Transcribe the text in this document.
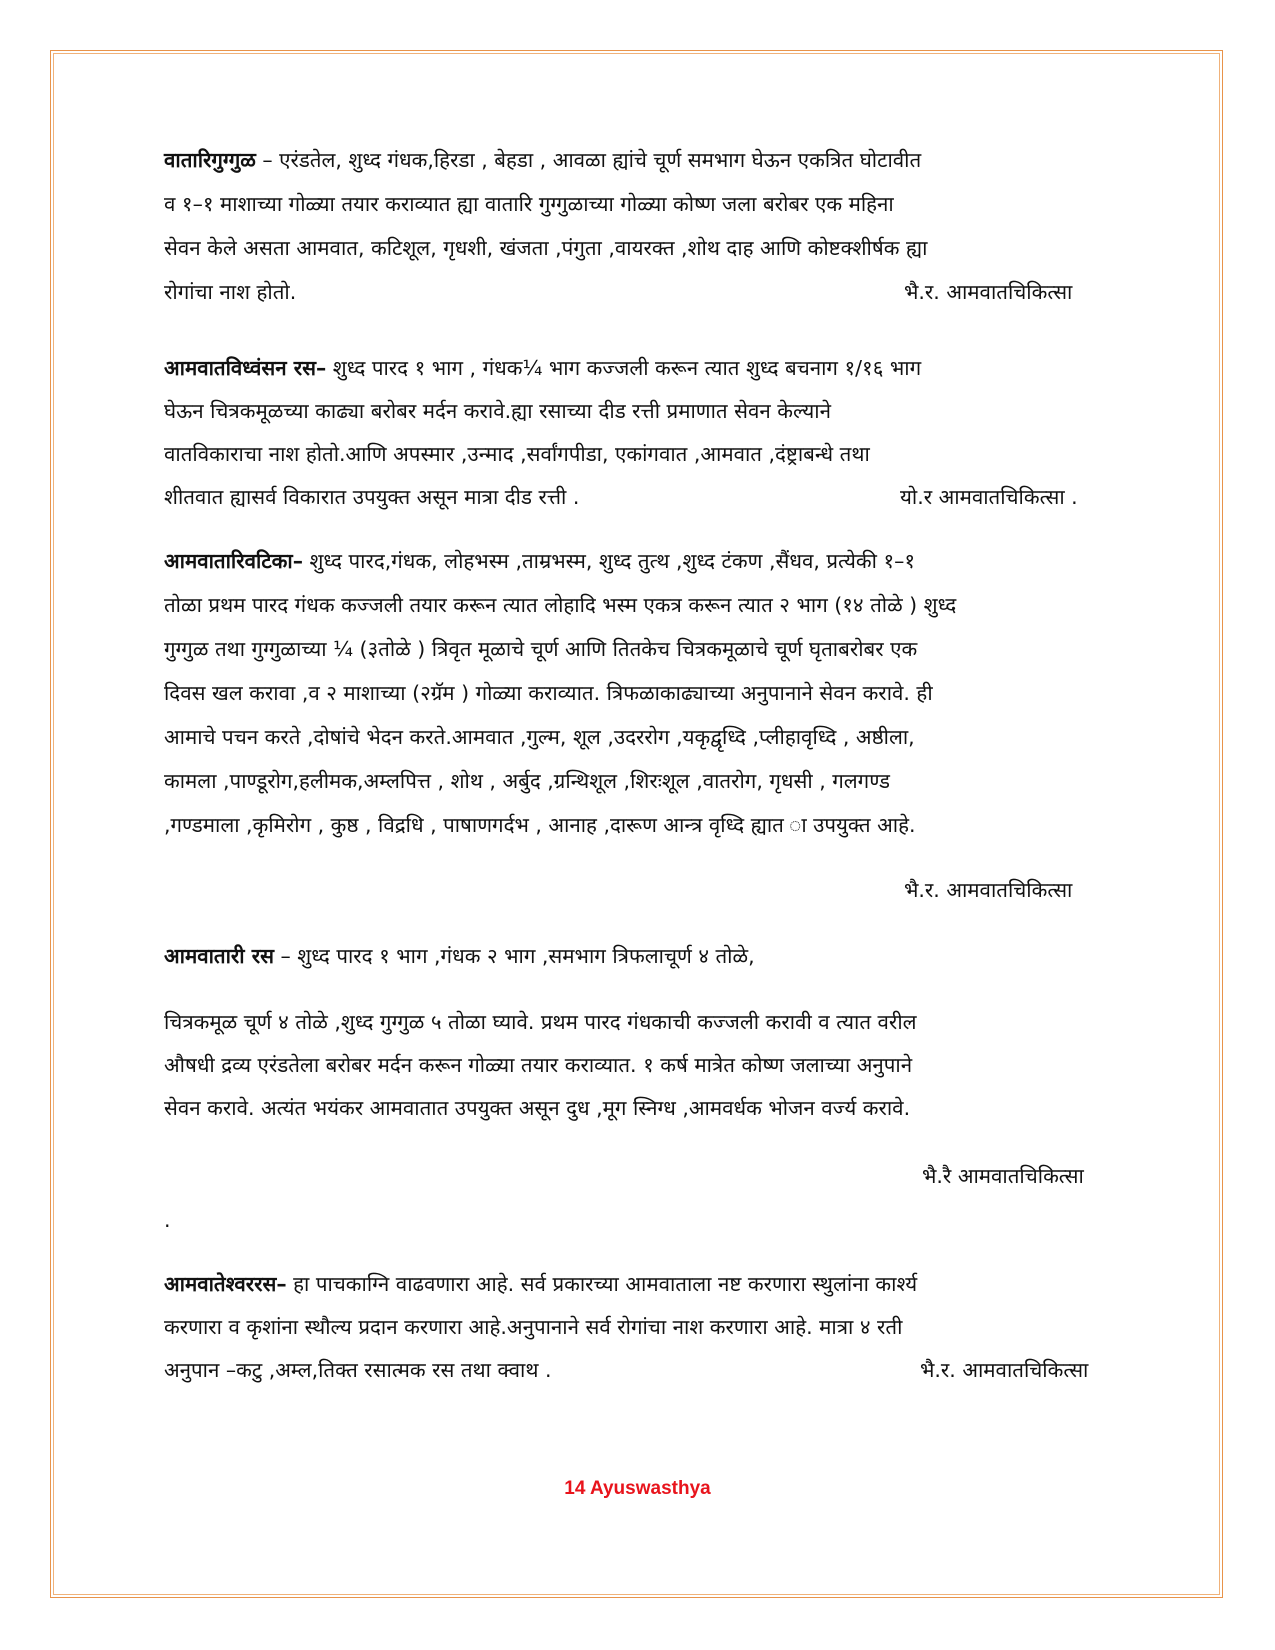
वातारिगुग्गुळ – एरंडतेल, शुध्द गंधक,हिरडा , बेहडा , आवळा ह्यांचे चूर्ण समभाग घेऊन एकत्रित घोटावीत
व १–१ माशाच्या गोळ्या तयार कराव्यात ह्या वातारि गुग्गुळाच्या गोळ्या कोष्ण जला बरोबर एक महिना
सेवन केले असता आमवात, कटिशूल, गृधशी, खंजता ,पंगुता ,वायरक्त ,शोथ दाह आणि कोष्टक्शीर्षक ह्या
रोगांचा नाश होतो.	भै.र. आमवातचिकित्सा
आमवातविध्वंसन रस– शुध्द पारद १ भाग , गंधक¼ भाग कज्जली करून त्यात शुध्द बचनाग १/१६ भाग
घेऊन चित्रकमूळच्या काढ्या बरोबर मर्दन करावे.ह्या रसाच्या दीड रत्ती प्रमाणात सेवन केल्याने
वातविकाराचा नाश होतो.आणि अपस्मार ,उन्माद ,सर्वांगपीडा, एकांगवात ,आमवात ,दंष्ट्राबन्धे तथा
शीतवात ह्यासर्व विकारात उपयुक्त असून मात्रा दीड रत्ती .	यो.र आमवातचिकित्सा .
आमवातारिवटिका– शुध्द पारद,गंधक, लोहभस्म ,ताम्रभस्म, शुध्द तुत्थ ,शुध्द टंकण ,सैंधव, प्रत्येकी १–१
तोळा प्रथम पारद गंधक कज्जली तयार करून त्यात लोहादि भस्म एकत्र करून त्यात २ भाग (१४ तोळे ) शुध्द
गुग्गुळ तथा गुग्गुळाच्या ¼ (३तोळे ) त्रिवृत मूळाचे चूर्ण आणि तितकेच चित्रकमूळाचे चूर्ण घृताबरोबर एक
दिवस खल करावा ,व २ माशाच्या (२ग्रॅम ) गोळ्या कराव्यात. त्रिफळाकाढ्याच्या अनुपानाने सेवन करावे. ही
आमाचे पचन करते ,दोषांचे भेदन करते.आमवात ,गुल्म, शूल ,उदररोग ,यकृद्वृध्दि ,प्लीहावृध्दि , अष्ठीला,
कामला ,पाण्डूरोग,हलीमक,अम्लपित्त , शोथ , अर्बुद ,ग्रन्थिशूल ,शिरःशूल ,वातरोग, गृधसी , गलगण्ड
,गण्डमाला ,कृमिरोग , कुष्ठ , विद्रधि , पाषाणगर्दभ , आनाह ,दारूण आन्त्र वृध्दि ह्यात ा उपयुक्त आहे.
भै.र. आमवातचिकित्सा
आमवातारी रस – शुध्द पारद १ भाग ,गंधक २ भाग ,समभाग त्रिफलाचूर्ण ४ तोळे,
चित्रकमूळ चूर्ण ४ तोळे ,शुध्द गुग्गुळ ५ तोळा घ्यावे. प्रथम पारद गंधकाची कज्जली करावी व त्यात वरील
औषधी द्रव्य एरंडतेला बरोबर मर्दन करून गोळ्या तयार कराव्यात. १ कर्ष मात्रेत कोष्ण जलाच्या अनुपाने
सेवन करावे. अत्यंत भयंकर आमवातात उपयुक्त असून दुध ,मूग स्निग्ध ,आमवर्धक भोजन वर्ज्य करावे.
भै.रै आमवातचिकित्सा
.
आमवातेश्वररस– हा पाचकाग्नि वाढवणारा आहे. सर्व प्रकारच्या आमवाताला नष्ट करणारा स्थुलांना कार्श्य
करणारा व कृशांना स्थौल्य प्रदान करणारा आहे.अनुपानाने सर्व रोगांचा नाश करणारा आहे. मात्रा ४ रती
अनुपान –कटु ,अम्ल,तिक्त रसात्मक रस तथा क्वाथ .	भै.र. आमवातचिकित्सा
14 Ayuswasthya
